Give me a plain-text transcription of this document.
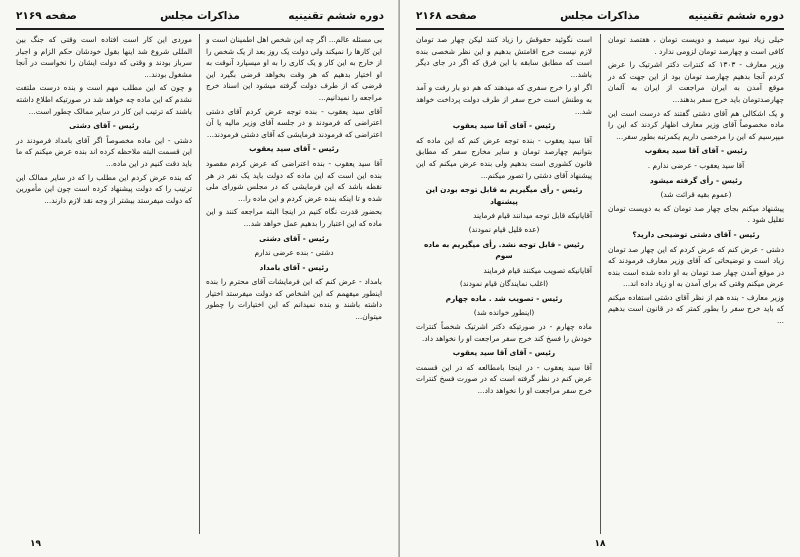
صفحه ۲۱۶۹	مذاکرات مجلس	دوره ششم تقنینیه

بی مسئله عالم... اگر چه این شخص اهل اطمینان است و این کارها را نمیکند ولی دولت یک روز بعد از یک شخص را از خارج به این کار و یک کاری را به او میسپارد آنوقت به او اختیار بدهیم که هر وقت بخواهد قرضی بگیرد این قرضی که از طرف دولت گرفته میشود این اسناد خرج مراجعه را نمیدانیم...

آقای سید یعقوب - بنده توجه عرض کردم آقای دشتی اعتراضی که فرمودند و در جلسه آقای وزیر مالیه یا آن اعتراضی که فرمودند فرمایشی که آقای دشتی فرمودند...

رئیس - آقای سید یعقوب

آقا سید یعقوب - بنده اعتراضی که عرض کردم مقصود بنده این است که این ماده که دولت باید یک نفر در هر نقطه باشد که این فرمایشی که در مجلس شورای ملی شده و تا اینکه بنده عرض کردم و این ماده را...

بحضور قدرت نگاه کنیم در اینجا البته مراجعه کنند و این ماده که این اعتبار را بدهیم عمل خواهد شد...

رئیس - آقای دشتی

دشتی - بنده عرضی ندارم

رئیس - آقای بامداد

بامداد - عرض کنم که این فرمایشات آقای محترم را بنده اینطور میفهمم که این اشخاص که دولت میفرستد اختیار داشته باشند و بنده نمیدانم که این اختیارات را چطور میتوان...

موردی این کار است افتاده است وقتی که جنگ بین المللی شروع شد اینها بقول خودشان حکم الزام و اجبار سرباز بودند و وقتی که دولت ایشان را نخواست در آنجا مشغول بودند...

و چون که این مطلب مهم است و بنده درست ملتفت نشدم که این ماده چه خواهد شد در صورتیکه اطلاع داشته باشند که ترتیب این کار در سایر ممالک چطور است...

رئیس - آقای دشتی

دشتی - این ماده مخصوصاً اگر آقای بامداد فرمودند در این قسمت البته ملاحظه کرده اند بنده عرض میکنم که ما باید دقت کنیم در این ماده...

که بنده عرض کردم این مطلب را که در سایر ممالک این ترتیب را که دولت پیشنهاد کرده است چون این مأمورین که دولت میفرستد بیشتر از وجه نقد لازم دارند...

۱۹
صفحه ۲۱۶۸	مذاکرات مجلس	دوره ششم تقنینیه

خیلی زیاد نبود سیصد و دویست تومان ، هفتصد تومان کافی است و چهارصد تومان لزومی ندارد .

وزیر معارف - ۱۳۰۳ که کنترات دکتر اشرتیک را عرض کردم آنجا بدهیم چهارصد تومان بود از این جهت که در موقع آمدن به ایران مراجعت از ایران به آلمان چهارصدتومان باید خرج سفر بدهند...

و یک اشکالی هم آقای دشتی گفتند که درست است این ماده مخصوصاً آقای وزیر معارف اظهار کردند که این را میپرسیم که این را مرخصی داریم یکمرتبه بطور سفر...

رئیس - آقای آقا سید یعقوب

آقا سید یعقوب - عرضی ندارم .

رئیس - رأی گرفته میشود

(عموم بقیه قرائت شد)

پیشنهاد میکنم بجای چهار صد تومان که به دویست تومان تقلیل شود .

رئیس - آقای دشتی توضیحی دارید؟

دشتی - عرض کنم که عرض کردم که این چهار صد تومان زیاد است و توضیحاتی که آقای وزیر معارف فرمودند که در موقع آمدن چهار صد تومان به او داده شده است بنده عرض میکنم وقتی که برای آمدن به او زیاد داده اند...

وزیر معارف - بنده هم از نظر آقای دشتی استفاده میکنم که باید خرج سفر را بطور کمتر که در قانون است بدهیم ...

است نگوئید حقوقش را زیاد کنند لیکن چهار صد تومان لازم نیست خرج اقامتش بدهیم و این نظر شخصی بنده است که مطابق سابقه با این فرق که اگر در جای دیگر باشد...

اگر او را خرج سفری که میدهند که هم دو بار رفت و آمد به وطنش است خرج سفر از طرف دولت پرداخت خواهد شد...

رئیس - آقای آقا سید یعقوب

آقا سید یعقوب - بنده توجه عرض کنم که این ماده که بتوانیم چهارصد تومان و سایر مخارج سفر که مطابق قانون کشوری است بدهیم ولی بنده عرض میکنم که این پیشنهاد آقای دشتی را تصور میکنم...

رئیس - رأی میگیریم به قابل توجه بودن این پیشنهاد

آقایانیکه قابل توجه میدانند قیام فرمایند

(عده قلیل قیام نمودند)

رئیس - قابل توجه نشد. رأی میگیریم به ماده سوم

آقایانیکه تصویب میکنند قیام فرمایند

(اغلب نمایندگان قیام نمودند)

رئیس - تصویب شد . ماده چهارم

(اینطور خوانده شد)

ماده چهارم - در صورتیکه دکتر اشرتیک شخصاً کنترات خودش را فسخ کند خرج سفر مراجعت او را نخواهد داد.

رئیس - آقای آقا سید یعقوب

آقا سید یعقوب - در اینجا بامطالعه که در این قسمت عرض کنم در نظر گرفته است که در صورت فسخ کنترات خرج سفر مراجعت او را نخواهد داد...

۱۸
